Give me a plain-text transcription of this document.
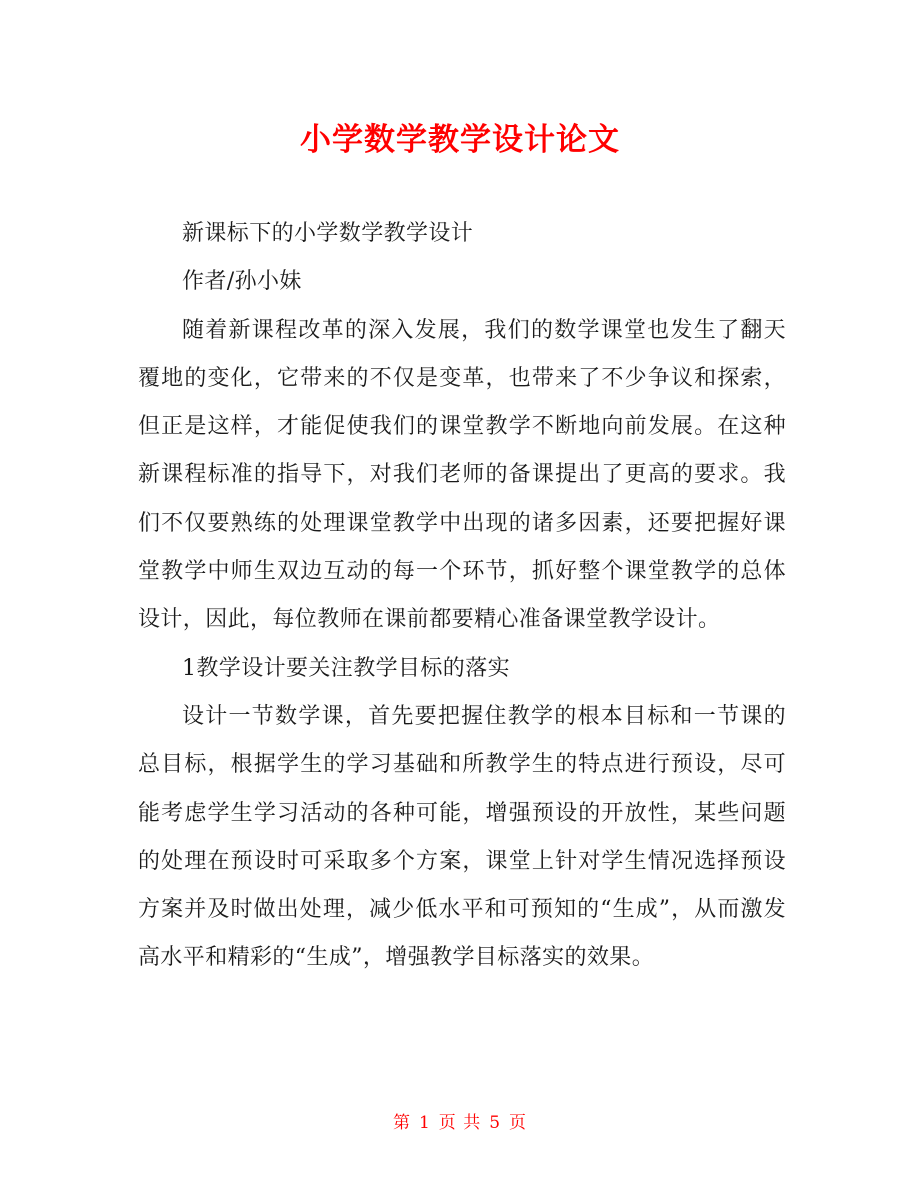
小学数学教学设计论文

新课标下的小学数学教学设计

作者/孙小妹

随着新课程改革的深入发展，我们的数学课堂也发生了翻天覆地的变化，它带来的不仅是变革，也带来了不少争议和探索，但正是这样，才能促使我们的课堂教学不断地向前发展。在这种新课程标准的指导下，对我们老师的备课提出了更高的要求。我们不仅要熟练的处理课堂教学中出现的诸多因素，还要把握好课堂教学中师生双边互动的每一个环节，抓好整个课堂教学的总体设计，因此，每位教师在课前都要精心准备课堂教学设计。

1教学设计要关注教学目标的落实

设计一节数学课，首先要把握住教学的根本目标和一节课的总目标，根据学生的学习基础和所教学生的特点进行预设，尽可能考虑学生学习活动的各种可能，增强预设的开放性，某些问题的处理在预设时可采取多个方案，课堂上针对学生情况选择预设方案并及时做出处理，减少低水平和可预知的“生成”，从而激发高水平和精彩的“生成”，增强教学目标落实的效果。

第 1 页 共 5 页
